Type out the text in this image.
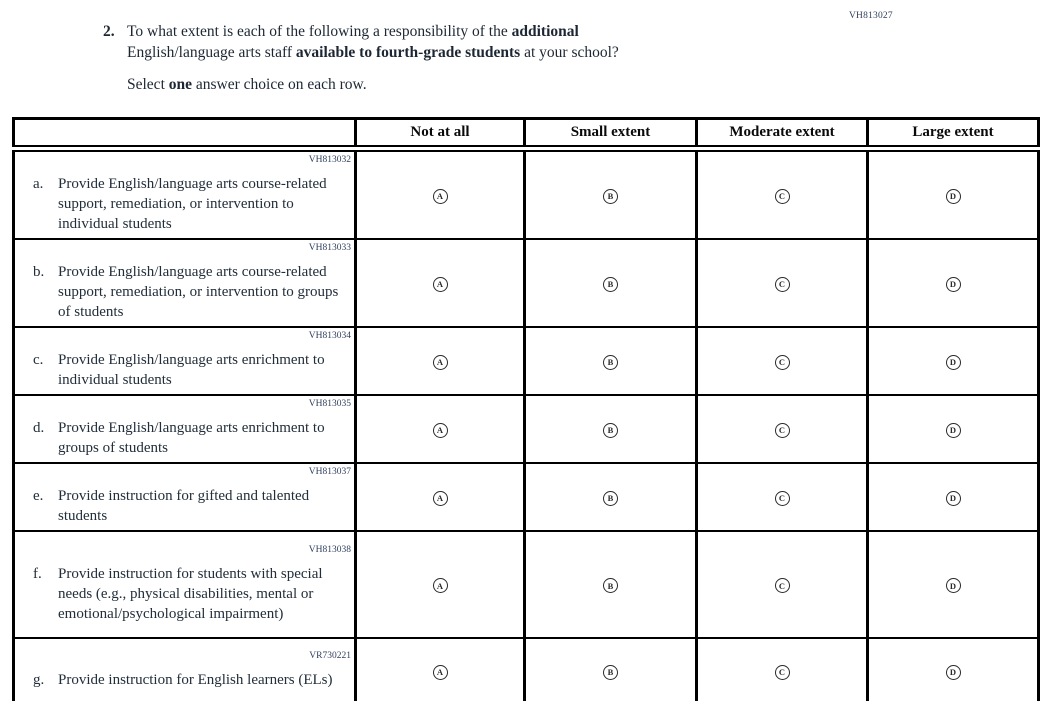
VH813027
2. To what extent is each of the following a responsibility of the additional
English/language arts staff available to fourth-grade students at your school?
Select one answer choice on each row.
	Not at all	Small extent	Moderate extent	Large extent

VH813032
a. Provide English/language arts course-related support, remediation, or intervention to individual students	A	B	C	D

VH813033
b. Provide English/language arts course-related support, remediation, or intervention to groups of students	A	B	C	D

VH813034
c. Provide English/language arts enrichment to individual students	A	B	C	D

VH813035
d. Provide English/language arts enrichment to groups of students	A	B	C	D

VH813037
e. Provide instruction for gifted and talented students	A	B	C	D

VH813038
f. Provide instruction for students with special needs (e.g., physical disabilities, mental or emotional/psychological impairment)	A	B	C	D

VR730221
g. Provide instruction for English learners (ELs)	A	B	C	D
